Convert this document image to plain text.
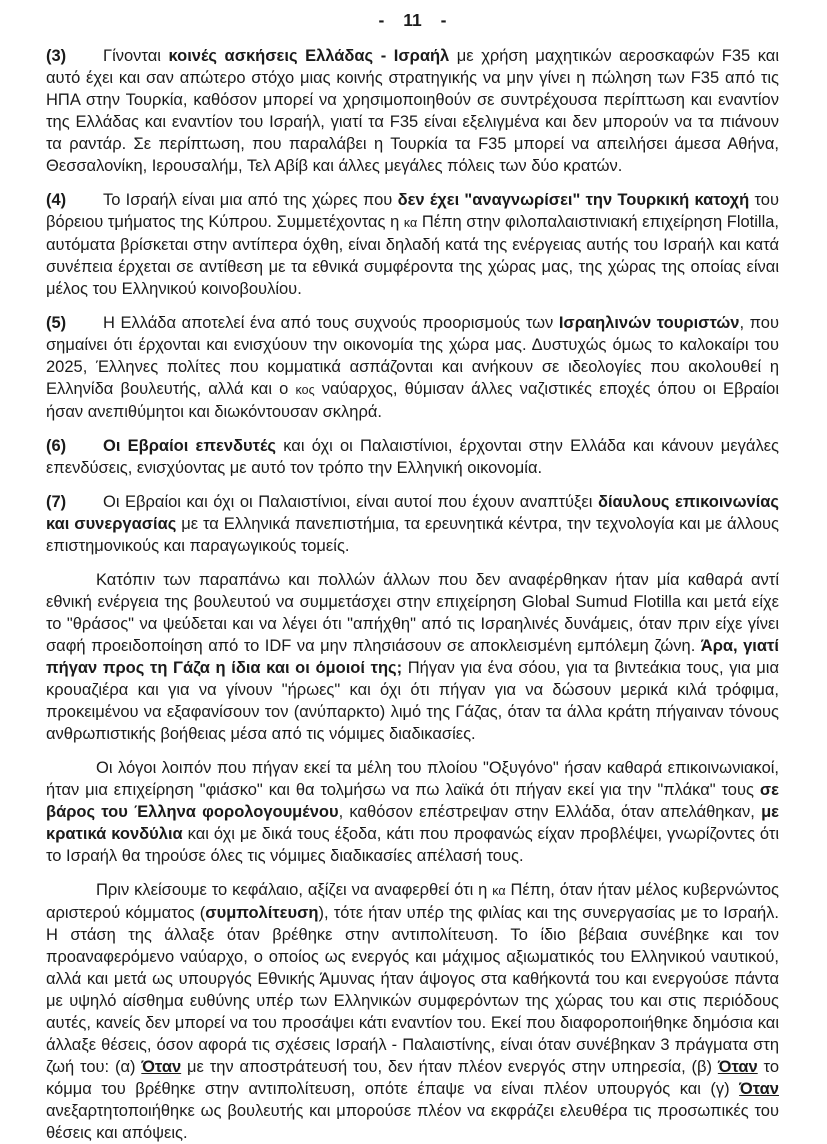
- 11 -

(3) Γίνονται κοινές ασκήσεις Ελλάδας - Ισραήλ με χρήση μαχητικών αεροσκαφών F35 και αυτό έχει και σαν απώτερο στόχο μιας κοινής στρατηγικής να μην γίνει η πώληση των F35 από τις ΗΠΑ στην Τουρκία, καθόσον μπορεί να χρησιμοποιηθούν σε συντρέχουσα περίπτωση και εναντίον της Ελλάδας και εναντίον του Ισραήλ, γιατί τα F35 είναι εξελιγμένα και δεν μπορούν να τα πιάνουν τα ραντάρ. Σε περίπτωση, που παραλάβει η Τουρκία τα F35 μπορεί να απειλήσει άμεσα Αθήνα, Θεσσαλονίκη, Ιερουσαλήμ, Τελ Αβίβ και άλλες μεγάλες πόλεις των δύο κρατών.

(4) Το Ισραήλ είναι μια από της χώρες που δεν έχει "αναγνωρίσει" την Τουρκική κατοχή του βόρειου τμήματος της Κύπρου. Συμμετέχοντας η κα Πέπη στην φιλοπαλαιστινιακή επιχείρηση Flotilla, αυτόματα βρίσκεται στην αντίπερα όχθη, είναι δηλαδή κατά της ενέργειας αυτής του Ισραήλ και κατά συνέπεια έρχεται σε αντίθεση με τα εθνικά συμφέροντα της χώρας μας, της χώρας της οποίας είναι μέλος του Ελληνικού κοινοβουλίου.

(5) Η Ελλάδα αποτελεί ένα από τους συχνούς προορισμούς των Ισραηλινών τουριστών, που σημαίνει ότι έρχονται και ενισχύουν την οικονομία της χώρα μας. Δυστυχώς όμως το καλοκαίρι του 2025, Έλληνες πολίτες που κομματικά ασπάζονται και ανήκουν σε ιδεολογίες που ακολουθεί η Ελληνίδα βουλευτής, αλλά και ο κος ναύαρχος, θύμισαν άλλες ναζιστικές εποχές όπου οι Εβραίοι ήσαν ανεπιθύμητοι και διωκόντουσαν σκληρά.

(6) Οι Εβραίοι επενδυτές και όχι οι Παλαιστίνιοι, έρχονται στην Ελλάδα και κάνουν μεγάλες επενδύσεις, ενισχύοντας με αυτό τον τρόπο την Ελληνική οικονομία.

(7) Οι Εβραίοι και όχι οι Παλαιστίνιοι, είναι αυτοί που έχουν αναπτύξει δίαυλους επικοινωνίας και συνεργασίας με τα Ελληνικά πανεπιστήμια, τα ερευνητικά κέντρα, την τεχνολογία και με άλλους επιστημονικούς και παραγωγικούς τομείς.

Κατόπιν των παραπάνω και πολλών άλλων που δεν αναφέρθηκαν ήταν μία καθαρά αντί εθνική ενέργεια της βουλευτού να συμμετάσχει στην επιχείρηση Global Sumud Flotilla και μετά είχε το "θράσος" να ψεύδεται και να λέγει ότι "απήχθη" από τις Ισραηλινές δυνάμεις, όταν πριν είχε γίνει σαφή προειδοποίηση από το IDF να μην πλησιάσουν σε αποκλεισμένη εμπόλεμη ζώνη. Άρα, γιατί πήγαν προς τη Γάζα η ίδια και οι όμοιοί της; Πήγαν για ένα σόου, για τα βιντεάκια τους, για μια κρουαζιέρα και για να γίνουν "ήρωες" και όχι ότι πήγαν για να δώσουν μερικά κιλά τρόφιμα, προκειμένου να εξαφανίσουν τον (ανύπαρκτο) λιμό της Γάζας, όταν τα άλλα κράτη πήγαιναν τόνους ανθρωπιστικής βοήθειας μέσα από τις νόμιμες διαδικασίες.

Οι λόγοι λοιπόν που πήγαν εκεί τα μέλη του πλοίου "Οξυγόνο" ήσαν καθαρά επικοινωνιακοί, ήταν μια επιχείρηση "φιάσκο" και θα τολμήσω να πω λαϊκά ότι πήγαν εκεί για την "πλάκα" τους σε βάρος του Έλληνα φορολογουμένου, καθόσον επέστρεψαν στην Ελλάδα, όταν απελάθηκαν, με κρατικά κονδύλια και όχι με δικά τους έξοδα, κάτι που προφανώς είχαν προβλέψει, γνωρίζοντες ότι το Ισραήλ θα τηρούσε όλες τις νόμιμες διαδικασίες απέλασή τους.

Πριν κλείσουμε το κεφάλαιο, αξίζει να αναφερθεί ότι η κα Πέπη, όταν ήταν μέλος κυβερνώντος αριστερού κόμματος (συμπολίτευση), τότε ήταν υπέρ της φιλίας και της συνεργασίας με το Ισραήλ. Η στάση της άλλαξε όταν βρέθηκε στην αντιπολίτευση. Το ίδιο βέβαια συνέβηκε και τον προαναφερόμενο ναύαρχο, ο οποίος ως ενεργός και μάχιμος αξιωματικός του Ελληνικού ναυτικού, αλλά και μετά ως υπουργός Εθνικής Άμυνας ήταν άψογος στα καθήκοντά του και ενεργούσε πάντα με υψηλό αίσθημα ευθύνης υπέρ των Ελληνικών συμφερόντων της χώρας του και στις περιόδους αυτές, κανείς δεν μπορεί να του προσάψει κάτι εναντίον του. Εκεί που διαφοροποιήθηκε δημόσια και άλλαξε θέσεις, όσον αφορά τις σχέσεις Ισραήλ - Παλαιστίνης, είναι όταν συνέβηκαν 3 πράγματα στη ζωή του: (α) Όταν με την αποστράτευσή του, δεν ήταν πλέον ενεργός στην υπηρεσία, (β) Όταν το κόμμα του βρέθηκε στην αντιπολίτευση, οπότε έπαψε να είναι πλέον υπουργός και (γ) Όταν ανεξαρτητοποιήθηκε ως βουλευτής και μπορούσε πλέον να εκφράζει ελευθέρα τις προσωπικές του θέσεις και απόψεις.
